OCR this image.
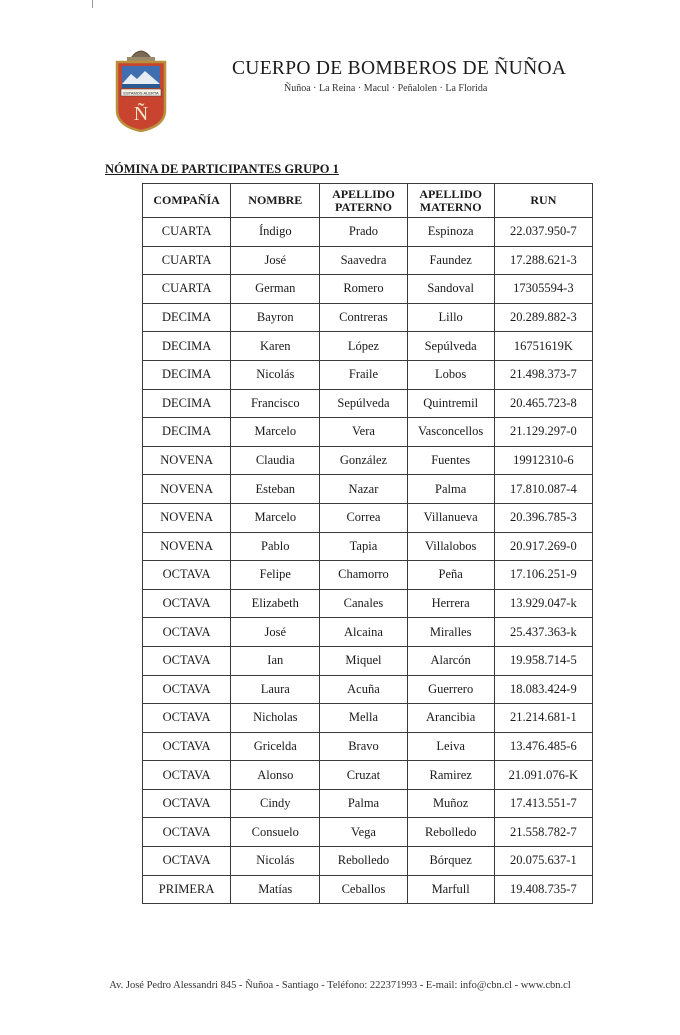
ESTAMOS ALERTA
Ñ
CUERPO DE BOMBEROS DE ÑUÑOA
Ñuñoa · La Reina · Macul · Peñalolen · La Florida
NÓMINA DE PARTICIPANTES GRUPO 1
COMPAÑÍA	NOMBRE	APELLIDO PATERNO	APELLIDO MATERNO	RUN
CUARTA	Índigo	Prado	Espinoza	22.037.950-7
CUARTA	José	Saavedra	Faundez	17.288.621-3
CUARTA	German	Romero	Sandoval	17305594-3
DECIMA	Bayron	Contreras	Lillo	20.289.882-3
DECIMA	Karen	López	Sepúlveda	16751619K
DECIMA	Nicolás	Fraile	Lobos	21.498.373-7
DECIMA	Francisco	Sepúlveda	Quintremil	20.465.723-8
DECIMA	Marcelo	Vera	Vasconcellos	21.129.297-0
NOVENA	Claudia	González	Fuentes	19912310-6
NOVENA	Esteban	Nazar	Palma	17.810.087-4
NOVENA	Marcelo	Correa	Villanueva	20.396.785-3
NOVENA	Pablo	Tapia	Villalobos	20.917.269-0
OCTAVA	Felipe	Chamorro	Peña	17.106.251-9
OCTAVA	Elizabeth	Canales	Herrera	13.929.047-k
OCTAVA	José	Alcaina	Miralles	25.437.363-k
OCTAVA	Ian	Miquel	Alarcón	19.958.714-5
OCTAVA	Laura	Acuña	Guerrero	18.083.424-9
OCTAVA	Nicholas	Mella	Arancibia	21.214.681-1
OCTAVA	Gricelda	Bravo	Leiva	13.476.485-6
OCTAVA	Alonso	Cruzat	Ramirez	21.091.076-K
OCTAVA	Cindy	Palma	Muñoz	17.413.551-7
OCTAVA	Consuelo	Vega	Rebolledo	21.558.782-7
OCTAVA	Nicolás	Rebolledo	Bórquez	20.075.637-1
PRIMERA	Matías	Ceballos	Marfull	19.408.735-7
Av. José Pedro Alessandri 845 - Ñuñoa - Santiago - Teléfono: 222371993 - E-mail: info@cbn.cl - www.cbn.cl
